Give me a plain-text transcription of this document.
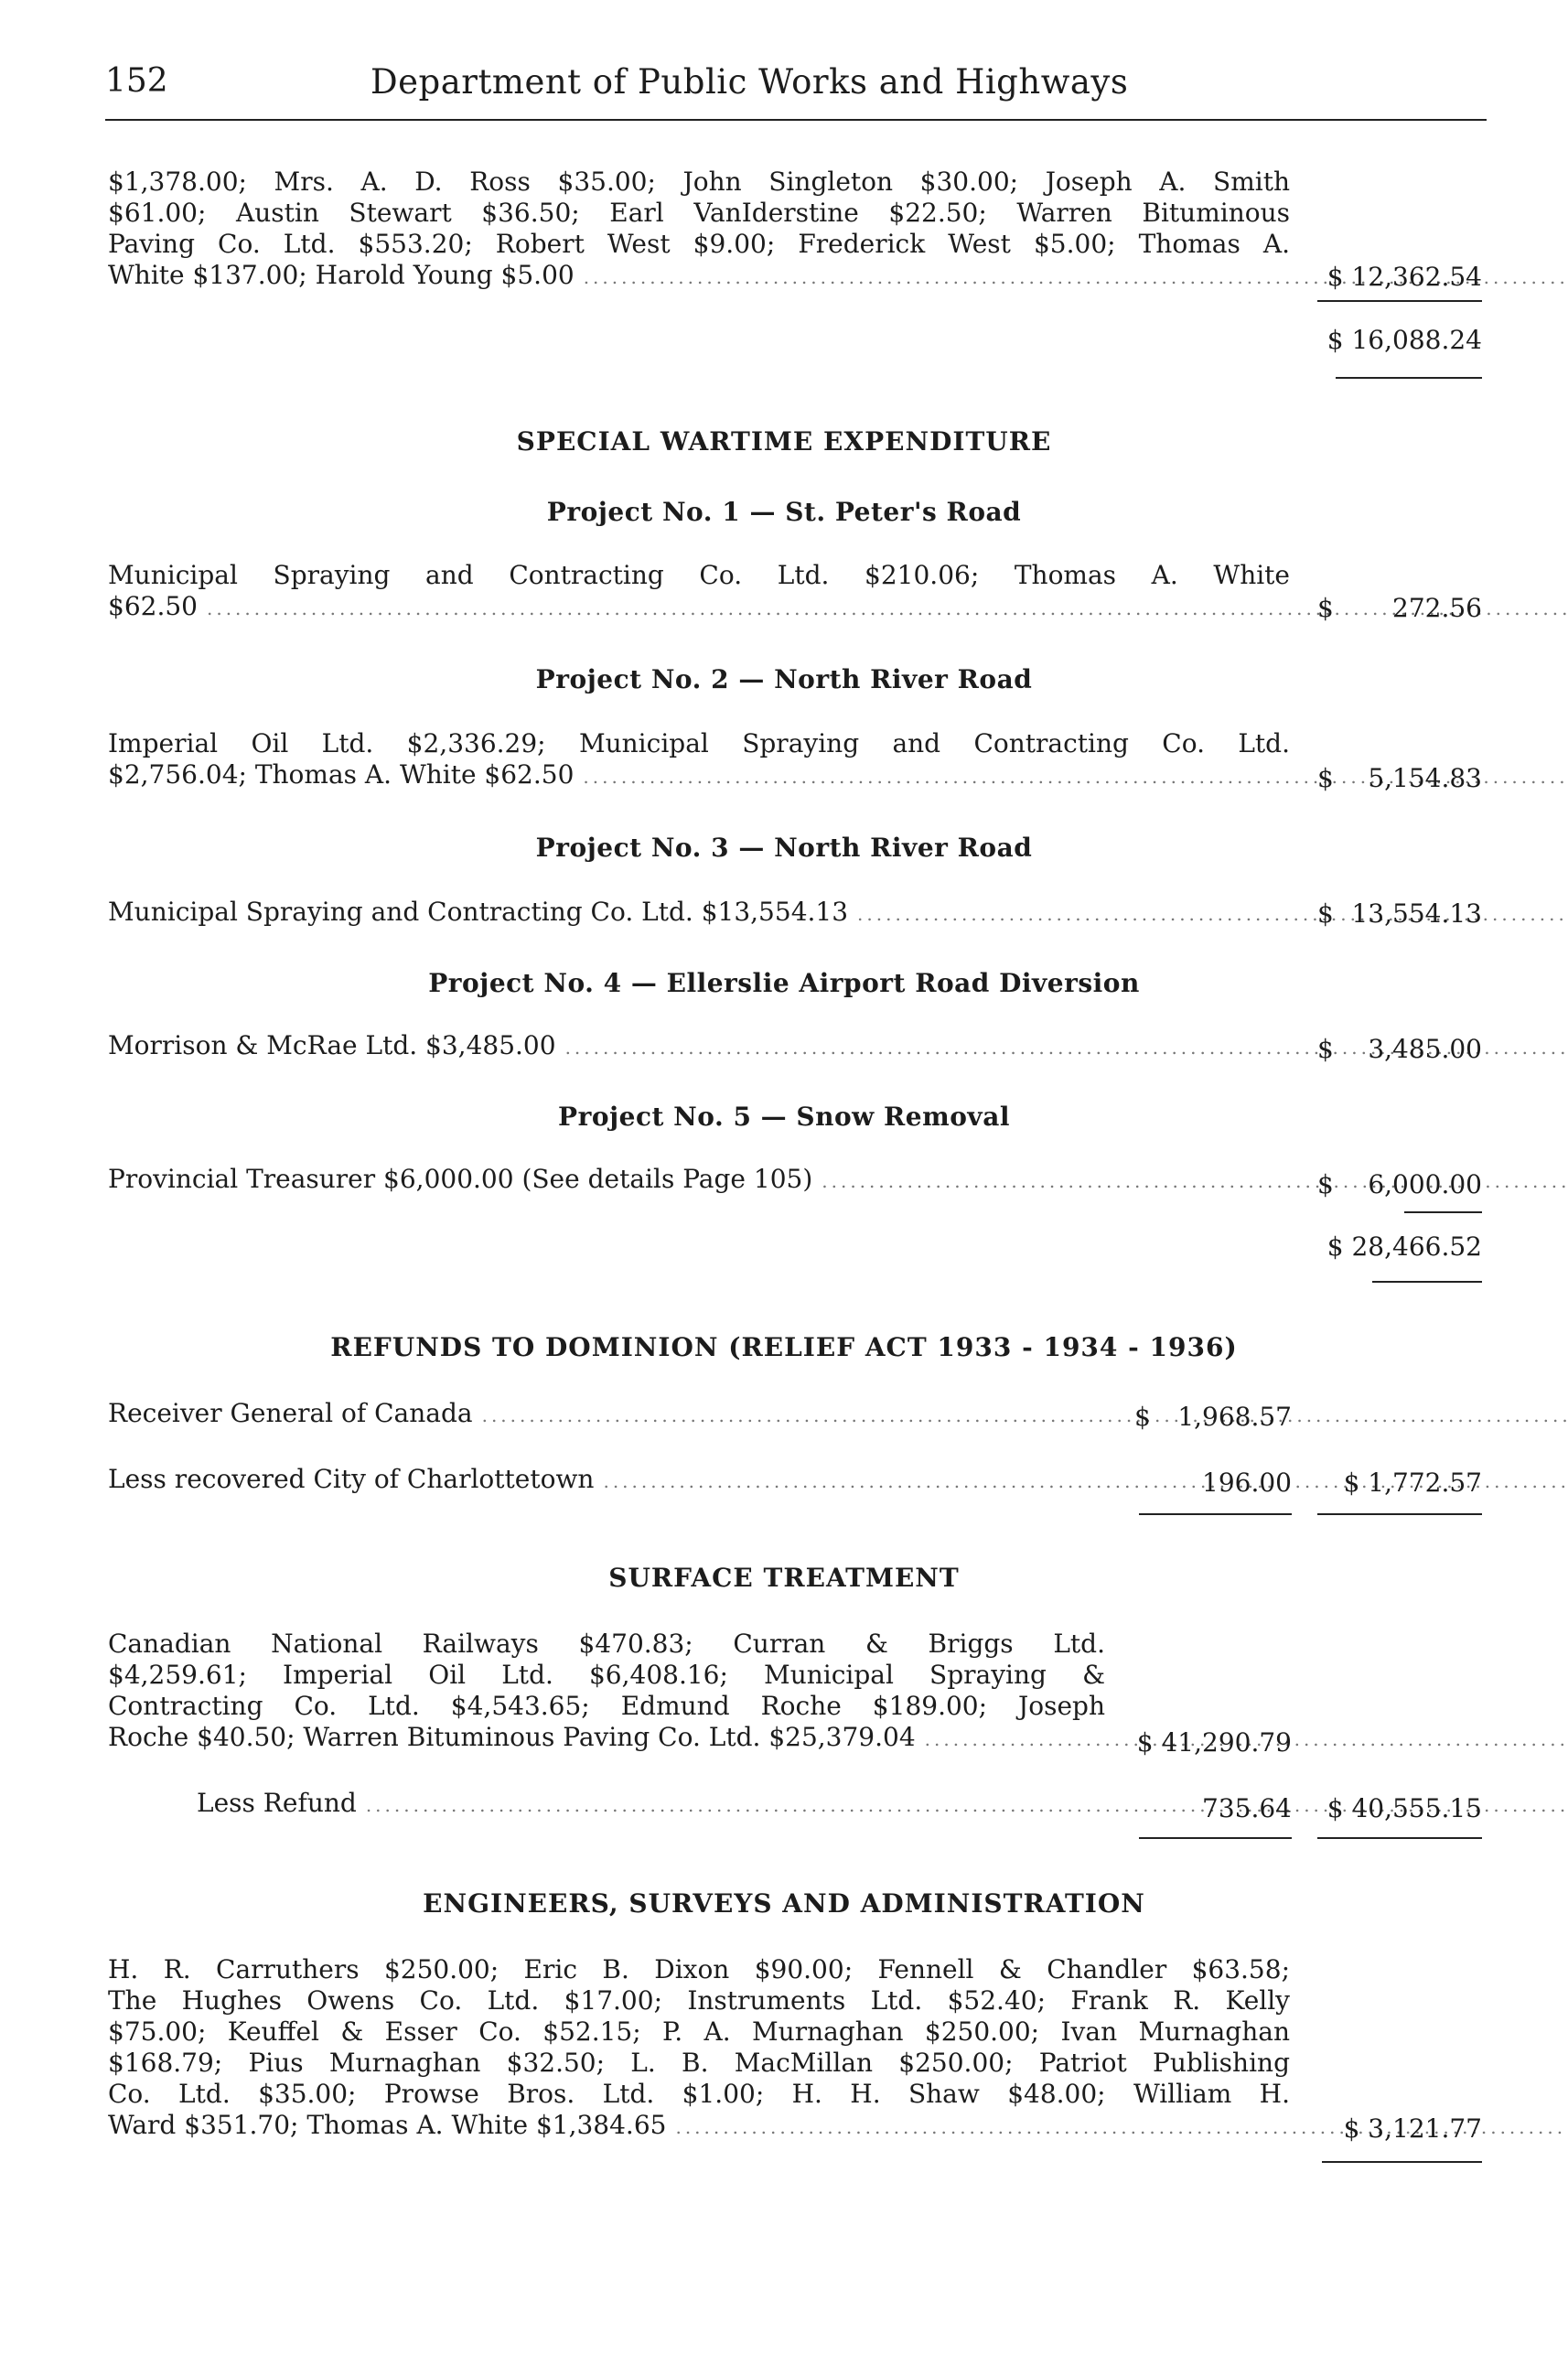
152	Department of Public Works and Highways
$1,378.00; Mrs. A. D. Ross $35.00; John Singleton $30.00; Joseph A. Smith
$61.00; Austin Stewart $36.50; Earl VanIderstine $22.50; Warren Bituminous
Paving Co. Ltd. $553.20; Robert West $9.00; Frederick West $5.00; Thomas A.
White $137.00; Harold Young $5.00 .....	$ 12,362.54
$ 16,088.24
SPECIAL WARTIME EXPENDITURE
Project No. 1 — St. Peter's Road
Municipal Spraying and Contracting Co. Ltd. $210.06; Thomas A. White
$62.50 .....	$ 272.56
Project No. 2 — North River Road
Imperial Oil Ltd. $2,336.29; Municipal Spraying and Contracting Co. Ltd.
$2,756.04; Thomas A. White $62.50 .....	$ 5,154.83
Project No. 3 — North River Road
Municipal Spraying and Contracting Co. Ltd. $13,554.13 .....	$ 13,554.13
Project No. 4 — Ellerslie Airport Road Diversion
Morrison & McRae Ltd. $3,485.00 .....	$ 3,485.00
Project No. 5 — Snow Removal
Provincial Treasurer $6,000.00 (See details Page 105) .....	$ 6,000.00
$ 28,466.52
REFUNDS TO DOMINION (RELIEF ACT 1933 - 1934 - 1936)
Receiver General of Canada .....	$ 1,968.57
Less recovered City of Charlottetown .....	196.00	$ 1,772.57
SURFACE TREATMENT
Canadian National Railways $470.83; Curran & Briggs Ltd.
$4,259.61; Imperial Oil Ltd. $6,408.16; Municipal Spraying &
Contracting Co. Ltd. $4,543.65; Edmund Roche $189.00; Joseph
Roche $40.50; Warren Bituminous Paving Co. Ltd. $25,379.04 .....	$ 41,290.79
Less Refund .....	735.64	$ 40,555.15
ENGINEERS, SURVEYS AND ADMINISTRATION
H. R. Carruthers $250.00; Eric B. Dixon $90.00; Fennell & Chandler $63.58;
The Hughes Owens Co. Ltd. $17.00; Instruments Ltd. $52.40; Frank R. Kelly
$75.00; Keuffel & Esser Co. $52.15; P. A. Murnaghan $250.00; Ivan Murnaghan
$168.79; Pius Murnaghan $32.50; L. B. MacMillan $250.00; Patriot Publishing
Co. Ltd. $35.00; Prowse Bros. Ltd. $1.00; H. H. Shaw $48.00; William H.
Ward $351.70; Thomas A. White $1,384.65 .....	$ 3,121.77
